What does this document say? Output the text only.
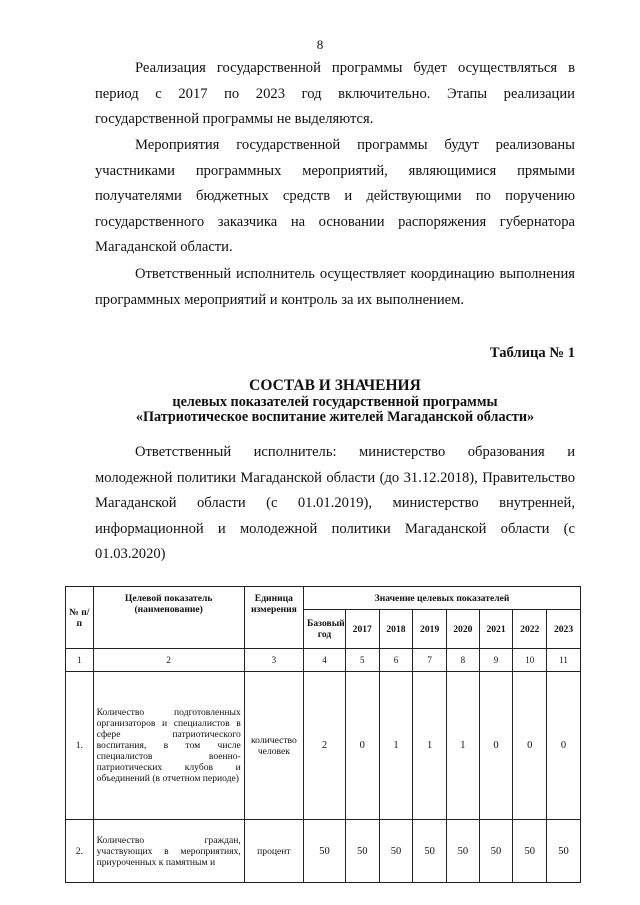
8

Реализация государственной программы будет осуществляться в период с 2017 по 2023 год включительно. Этапы реализации государственной программы не выделяются.

Мероприятия государственной программы будут реализованы участниками программных мероприятий, являющимися прямыми получателями бюджетных средств и действующими по поручению государственного заказчика на основании распоряжения губернатора Магаданской области.

Ответственный исполнитель осуществляет координацию выполнения программных мероприятий и контроль за их выполнением.

Таблица № 1
СОСТАВ И ЗНАЧЕНИЯ
целевых показателей государственной программы
«Патриотическое воспитание жителей Магаданской области»

Ответственный исполнитель: министерство образования и молодежной политики Магаданской области (до 31.12.2018), Правительство Магаданской области (с 01.01.2019), министерство внутренней, информационной и молодежной политики Магаданской области (с 01.03.2020)

№ п/п	Целевой показатель (наименование)	Единица измерения	Значение целевых показателей							
			Базовый год	2017	2018	2019	2020	2021	2022	2023
1	2	3	4	5	6	7	8	9	10	11
1.	Количество подготовленных организаторов и специалистов в сфере патриотического воспитания, в том числе специалистов военно-патриотических клубов и объединений (в отчетном периоде)	количество человек	2	0	1	1	1	0	0	0
2.	Количество граждан, участвующих в мероприятиях, приуроченных к памятным и	процент	50	50	50	50	50	50	50	50
